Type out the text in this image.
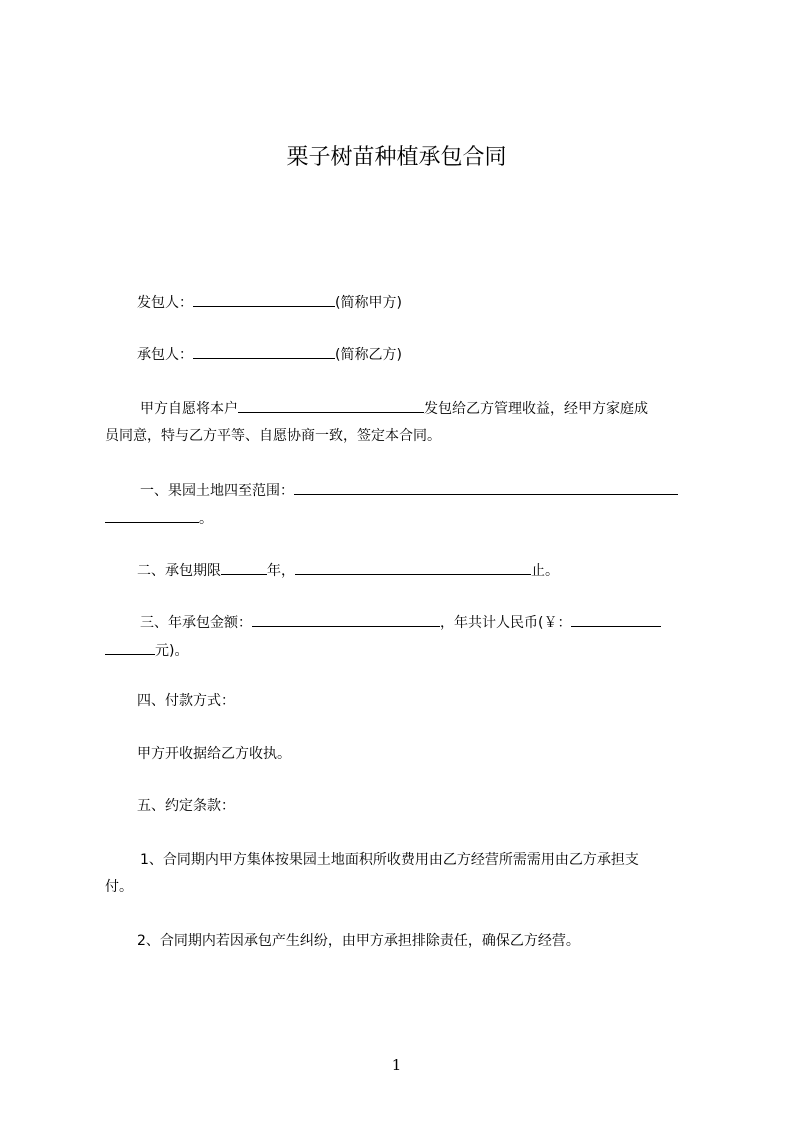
栗子树苗种植承包合同
发包人：	(简称甲方)
承包人：	(简称乙方)
甲方自愿将本户	发包给乙方管理收益，经甲方家庭成
员同意，特与乙方平等、自愿协商一致，签定本合同。
一、果园土地四至范围：
。
二、承包期限	年，	止。
三、年承包金额：	，年共计人民币(￥：
元)。
四、付款方式：
甲方开收据给乙方收执。
五、约定条款：
1、合同期内甲方集体按果园土地面积所收费用由乙方经营所需需用由乙方承担支
付。
2、合同期内若因承包产生纠纷，由甲方承担排除责任，确保乙方经营。
1
